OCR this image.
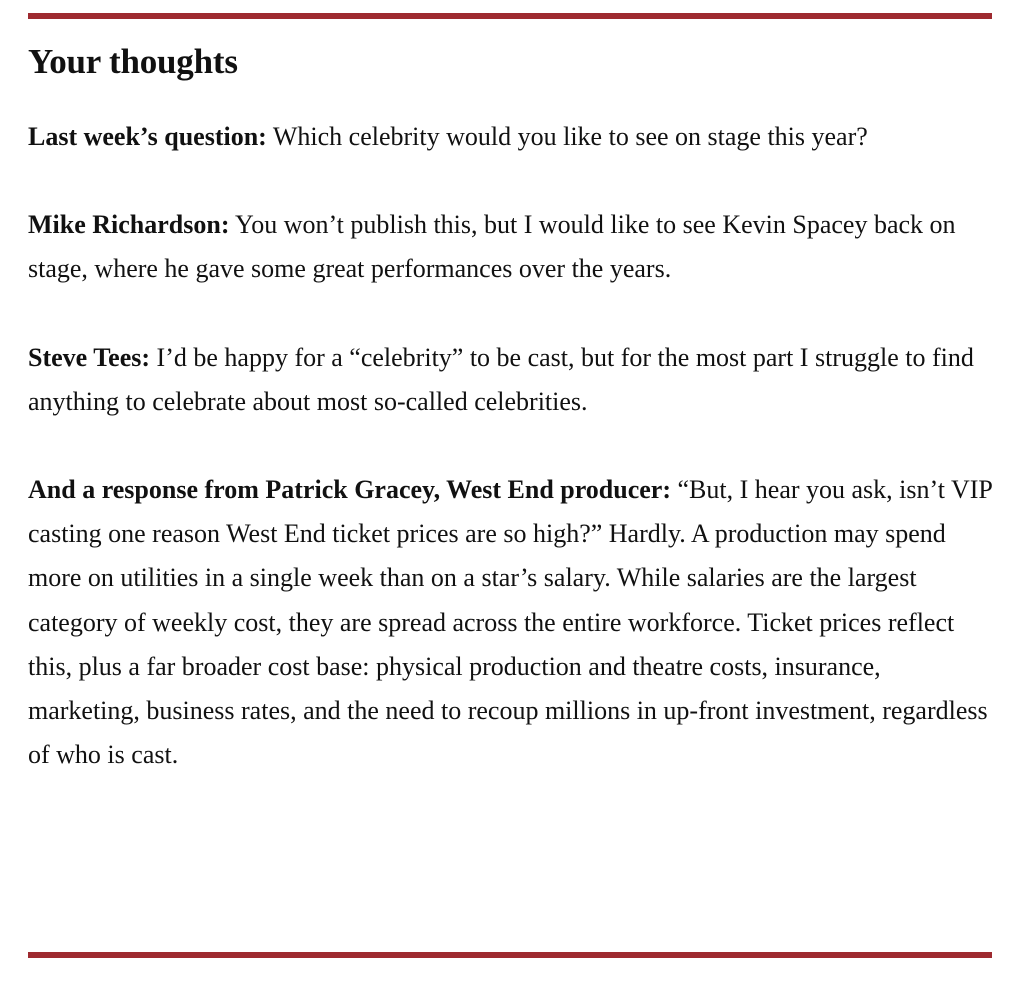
Your thoughts

Last week’s question: Which celebrity would you like to see on stage this year?

Mike Richardson: You won’t publish this, but I would like to see Kevin Spacey back on stage, where he gave some great performances over the years.

Steve Tees: I’d be happy for a “celebrity” to be cast, but for the most part I struggle to find anything to celebrate about most so-called celebrities.

And a response from Patrick Gracey, West End producer: “But, I hear you ask, isn’t VIP casting one reason West End ticket prices are so high?” Hardly. A production may spend more on utilities in a single week than on a star’s salary. While salaries are the largest category of weekly cost, they are spread across the entire workforce. Ticket prices reflect this, plus a far broader cost base: physical production and theatre costs, insurance, marketing, business rates, and the need to recoup millions in up-front investment, regardless of who is cast.
